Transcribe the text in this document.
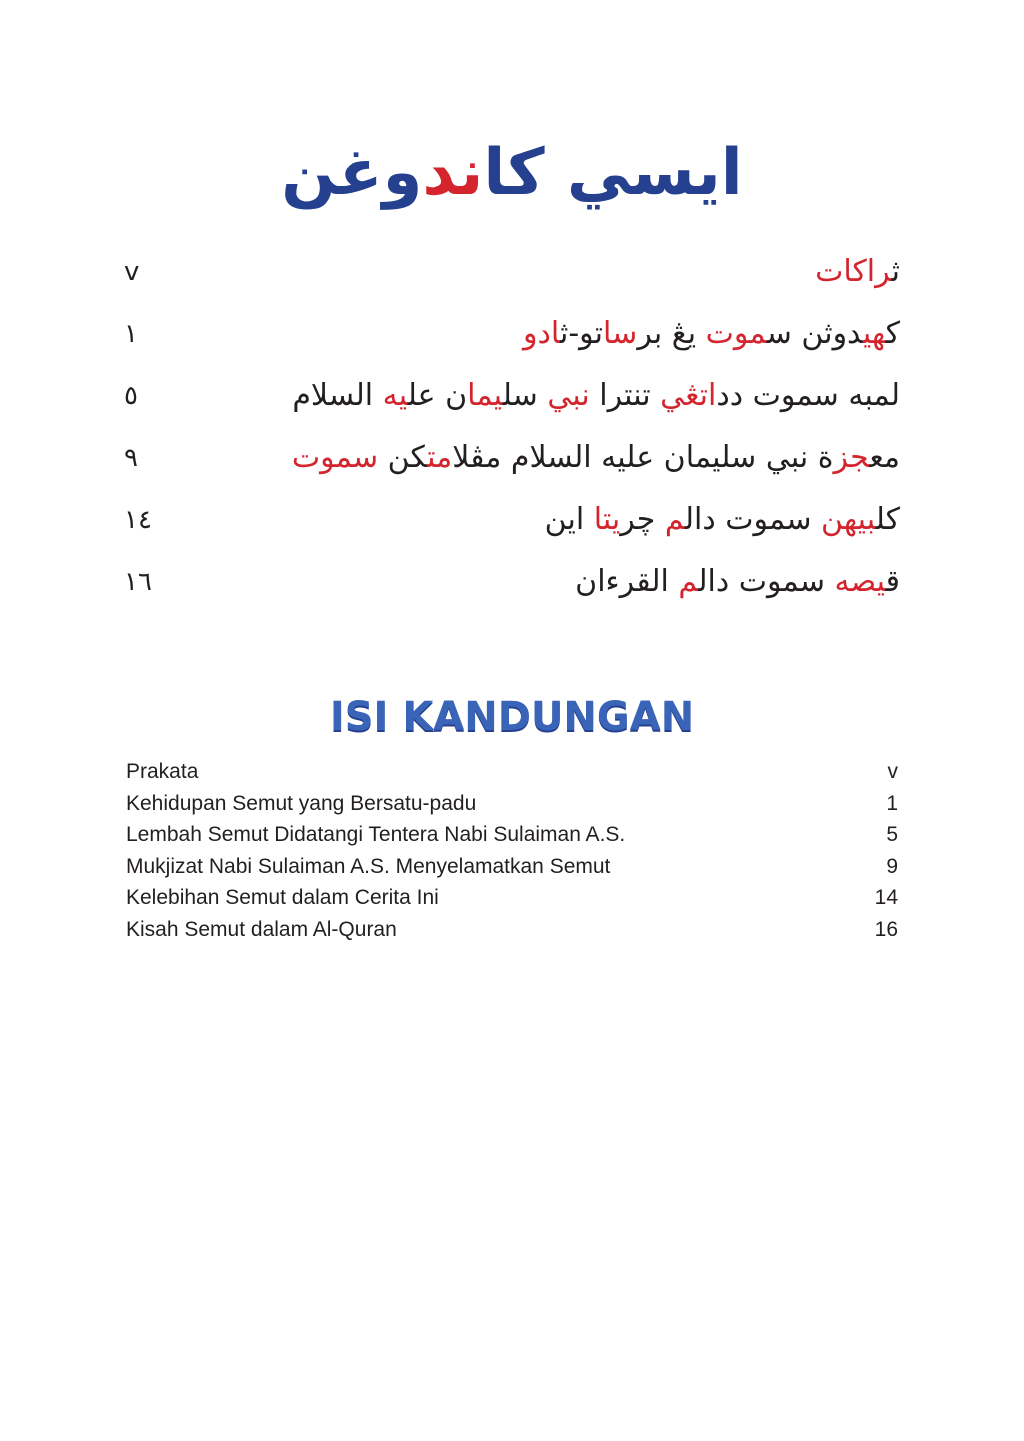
ايسي كاندوغن
ثراكات
v
كهيدوثن سموت يڠ برساتو-ثادو
١
لمبه سموت دداتڠي تنترا نبي سليمان عليه السلام
٥
معجزة نبي سليمان عليه السلام مڤلامتكن سموت
٩
كلبيهن سموت دالم چريتا اين
١٤
قيصه سموت دالم القرءان
١٦
ISI KANDUNGAN
Prakata	v
Kehidupan Semut yang Bersatu-padu	1
Lembah Semut Didatangi Tentera Nabi Sulaiman A.S.	5
Mukjizat Nabi Sulaiman A.S. Menyelamatkan Semut	9
Kelebihan Semut dalam Cerita Ini	14
Kisah Semut dalam Al-Quran	16
